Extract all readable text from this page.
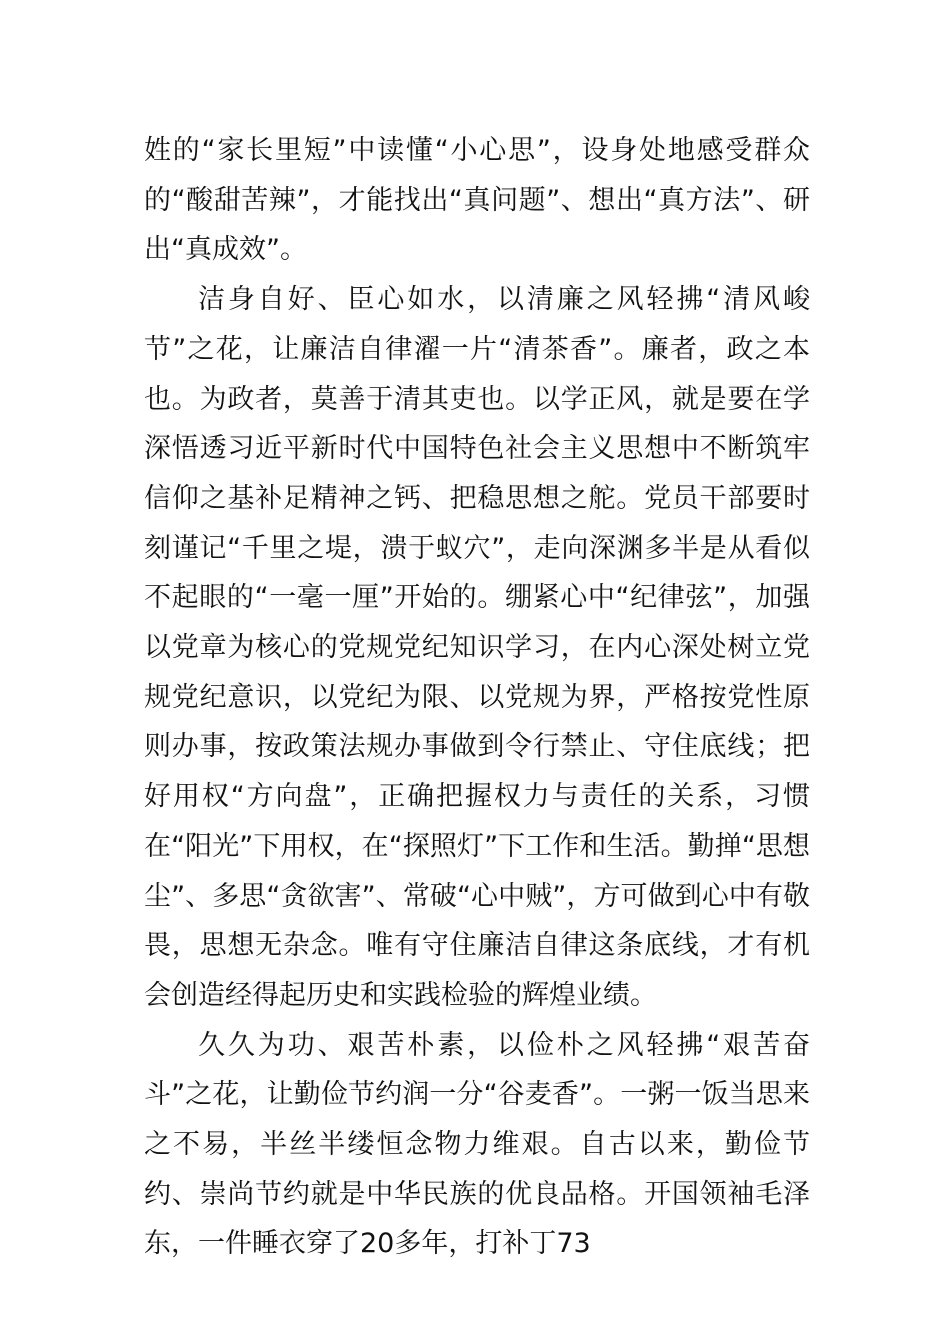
姓的“家长里短”中读懂“小心思”，设身处地感受群众的“酸甜苦辣”，才能找出“真问题”、想出“真方法”、研出“真成效”。

洁身自好、臣心如水，以清廉之风轻拂“清风峻节”之花，让廉洁自律濯一片“清茶香”。廉者，政之本也。为政者，莫善于清其吏也。以学正风，就是要在学深悟透习近平新时代中国特色社会主义思想中不断筑牢信仰之基补足精神之钙、把稳思想之舵。党员干部要时刻谨记“千里之堤，溃于蚁穴”，走向深渊多半是从看似不起眼的“一毫一厘”开始的。绷紧心中“纪律弦”，加强以党章为核心的党规党纪知识学习，在内心深处树立党规党纪意识，以党纪为限、以党规为界，严格按党性原则办事，按政策法规办事做到令行禁止、守住底线；把好用权“方向盘”，正确把握权力与责任的关系，习惯在“阳光”下用权，在“探照灯”下工作和生活。勤掸“思想尘”、多思“贪欲害”、常破“心中贼”，方可做到心中有敬畏，思想无杂念。唯有守住廉洁自律这条底线，才有机会创造经得起历史和实践检验的辉煌业绩。

久久为功、艰苦朴素，以俭朴之风轻拂“艰苦奋斗”之花，让勤俭节约润一分“谷麦香”。一粥一饭当思来之不易，半丝半缕恒念物力维艰。自古以来，勤俭节约、崇尚节约就是中华民族的优良品格。开国领袖毛泽东，一件睡衣穿了20多年，打补丁73
